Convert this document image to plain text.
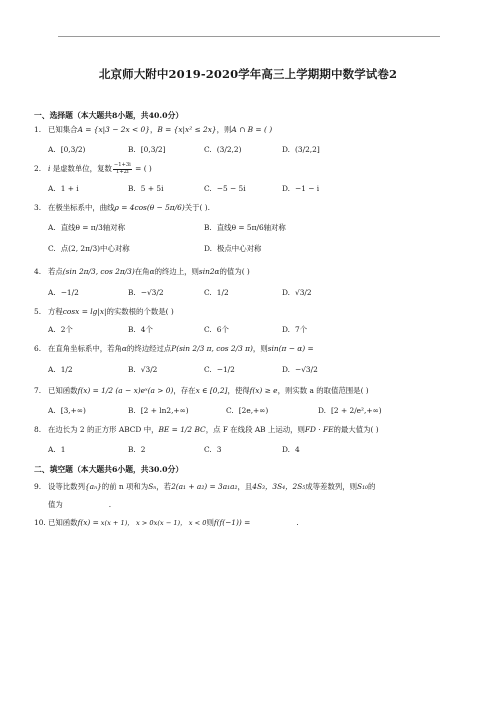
北京师大附中2019-2020学年高三上学期期中数学试卷2
一、选择题（本大题共8小题，共40.0分）
1. 已知集合A = {x|3 − 2x < 0}，B = {x|x² ≤ 2x}，则A ∩ B = ( )
A. [0,3/2)	B. [0,3/2]	C. (3/2,2)	D. (3/2,2]
2. i 是虚数单位，复数 $\frac{-1+3i}{1+2i}$ = ( )
A. 1 + i	B. 5 + 5i	C. −5 − 5i	D. −1 − i
3. 在极坐标系中，曲线ρ = 4cos(θ − 5π/6)关于( ).
A. 直线θ = π/3轴对称	B. 直线θ = 5π/6轴对称
C. 点(2, 2π/3)中心对称	D. 极点中心对称
4. 若点(sin 2π/3, cos 2π/3)在角α的终边上，则sin2α的值为( )
A. −1/2	B. −√3/2	C. 1/2	D. √3/2
5. 方程cosx = lg|x|的实数根的个数是( )
A. 2个	B. 4个	C. 6个	D. 7个
6. 在直角坐标系中，若角α的终边经过点P(sin 2/3 π, cos 2/3 π)，则sin(π − α) =
A. 1/2	B. √3/2	C. −1/2	D. −√3/2
7. 已知函数f(x) = 1/2 (a − x)eˣ(a > 0)，存在x ∈ [0,2]，使得f(x) ≥ e，则实数 a 的取值范围是( )
A. [3,+∞)	B. [2 + ln2,+∞)	C. [2e,+∞)	D. [2 + 2/e²,+∞)
8. 在边长为 2 的正方形 ABCD 中，BE = 1/2 BC，点 F 在线段 AB 上运动，则FD · FE的最大值为( )
A. 1	B. 2	C. 3	D. 4
二、填空题（本大题共6小题，共30.0分）
9. 设等比数列{aₙ}的前 n 项和为Sₙ，若2(a₁ + a₂) = 3a₁a₂，且4S₃，3S₄，2S₅成等差数列，则S₁₀的
值为	.
10. 已知函数f(x) = x(x + 1)， x > 0x(x − 1)， x < 0则f(f(−1)) =	.
